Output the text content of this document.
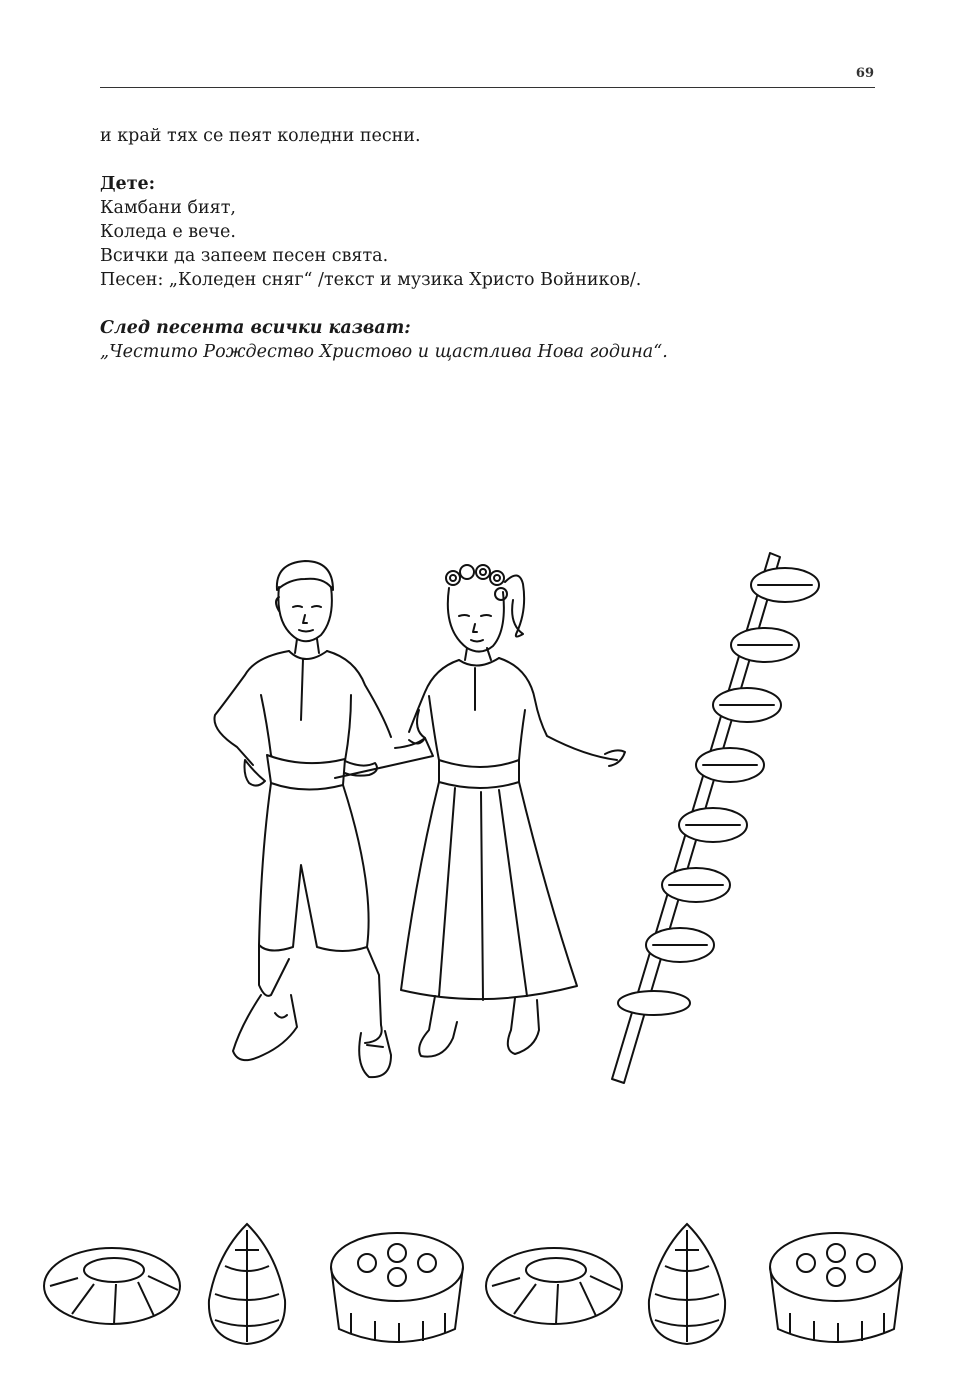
69

и край тях се пеят коледни песни.

Дете:

Камбани бият,

Коледа е вече.

Всички да запеем песен свята.

Песен: „Коледен сняг“ /текст и музика Христо Войников/.

След песента всички казват:

„Честито Рождество Христово и щастлива Нова година“.
